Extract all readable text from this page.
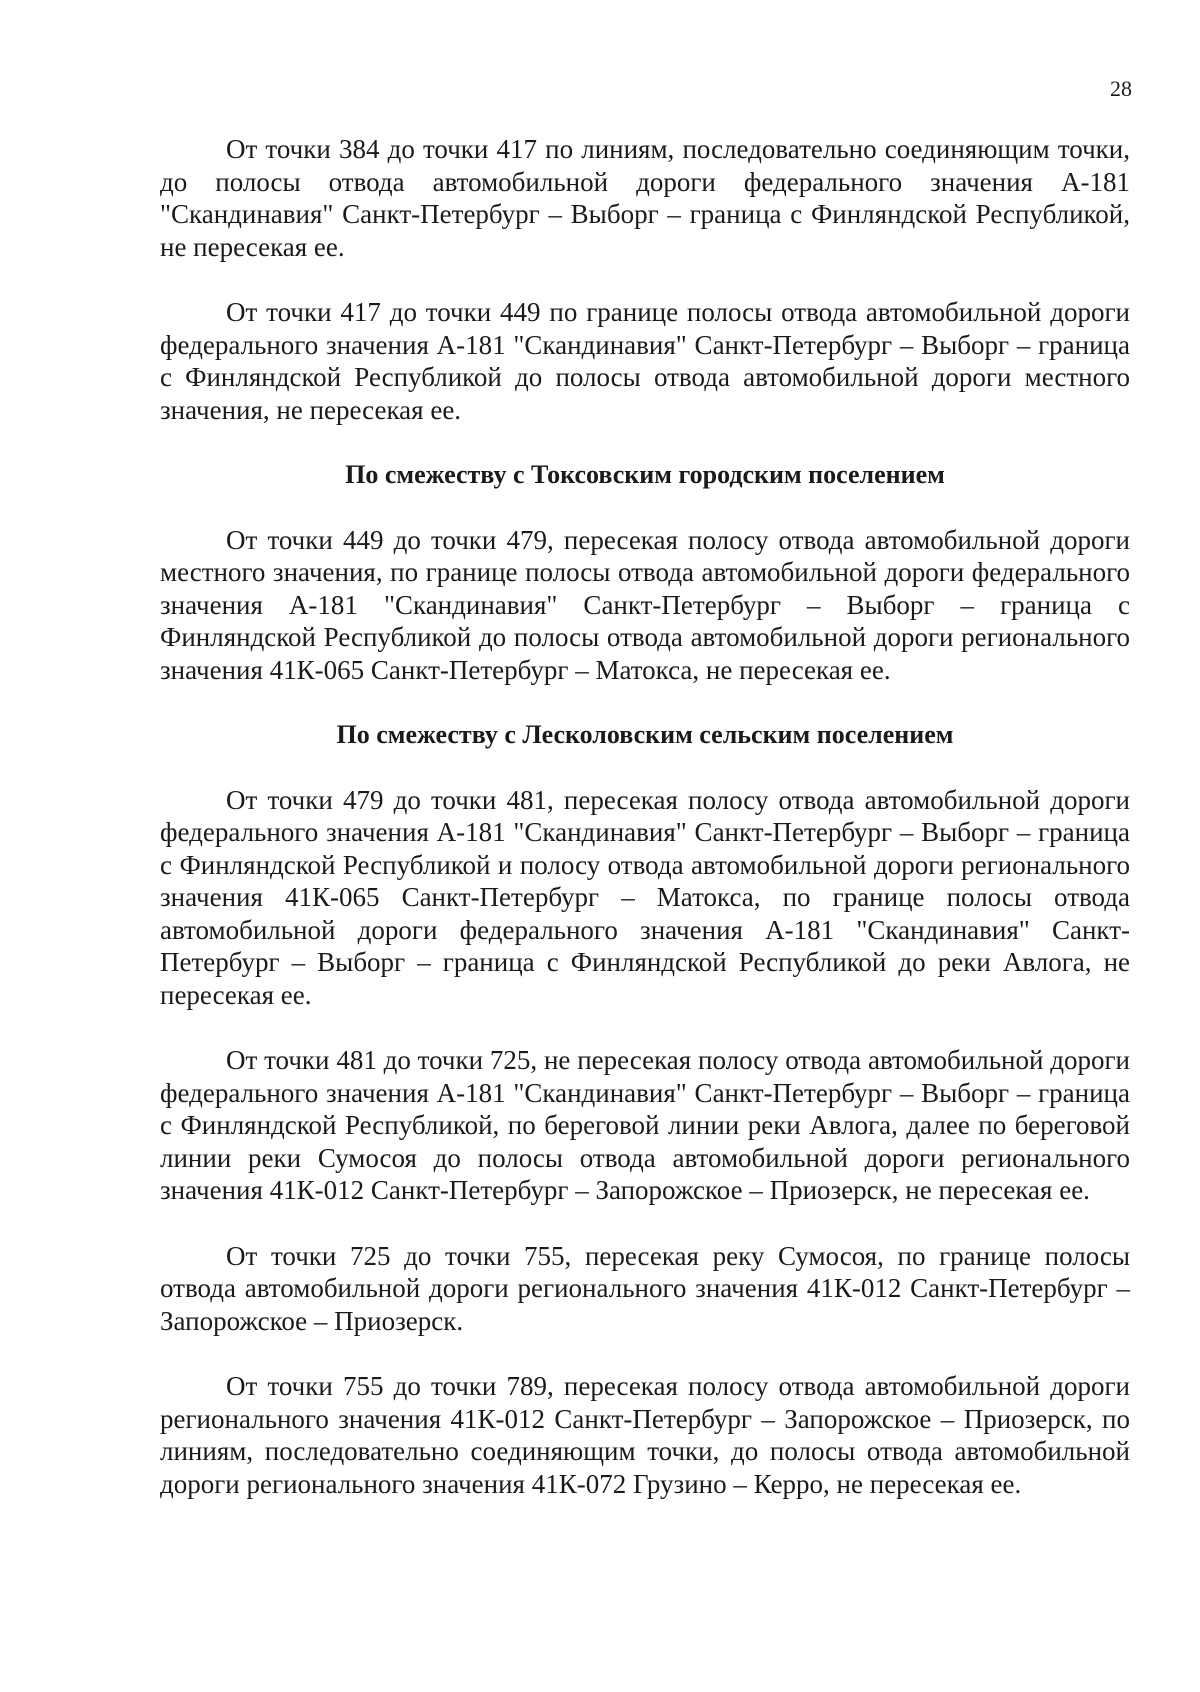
28

От точки 384 до точки 417 по линиям, последовательно соединяющим точки, до полосы отвода автомобильной дороги федерального значения А-181 "Скандинавия" Санкт-Петербург – Выборг – граница с Финляндской Республикой, не пересекая ее.

От точки 417 до точки 449 по границе полосы отвода автомобильной дороги федерального значения А-181 "Скандинавия" Санкт-Петербург – Выборг – граница с Финляндской Республикой до полосы отвода автомобильной дороги местного значения, не пересекая ее.

По смежеству с Токсовским городским поселением

От точки 449 до точки 479, пересекая полосу отвода автомобильной дороги местного значения, по границе полосы отвода автомобильной дороги федерального значения А-181 "Скандинавия" Санкт-Петербург – Выборг – граница с Финляндской Республикой до полосы отвода автомобильной дороги регионального значения 41К-065 Санкт-Петербург – Матокса, не пересекая ее.

По смежеству с Лесколовским сельским поселением

От точки 479 до точки 481, пересекая полосу отвода автомобильной дороги федерального значения А-181 "Скандинавия" Санкт-Петербург – Выборг – граница с Финляндской Республикой и полосу отвода автомобильной дороги регионального значения 41К-065 Санкт-Петербург – Матокса, по границе полосы отвода автомобильной дороги федерального значения А-181 "Скандинавия" Санкт-Петербург – Выборг – граница с Финляндской Республикой до реки Авлога, не пересекая ее.

От точки 481 до точки 725, не пересекая полосу отвода автомобильной дороги федерального значения А-181 "Скандинавия" Санкт-Петербург – Выборг – граница с Финляндской Республикой, по береговой линии реки Авлога, далее по береговой линии реки Сумосоя до полосы отвода автомобильной дороги регионального значения 41К-012 Санкт-Петербург – Запорожское – Приозерск, не пересекая ее.

От точки 725 до точки 755, пересекая реку Сумосоя, по границе полосы отвода автомобильной дороги регионального значения 41К-012 Санкт-Петербург – Запорожское – Приозерск.

От точки 755 до точки 789, пересекая полосу отвода автомобильной дороги регионального значения 41К-012 Санкт-Петербург – Запорожское – Приозерск, по линиям, последовательно соединяющим точки, до полосы отвода автомобильной дороги регионального значения 41К-072 Грузино – Керро, не пересекая ее.
